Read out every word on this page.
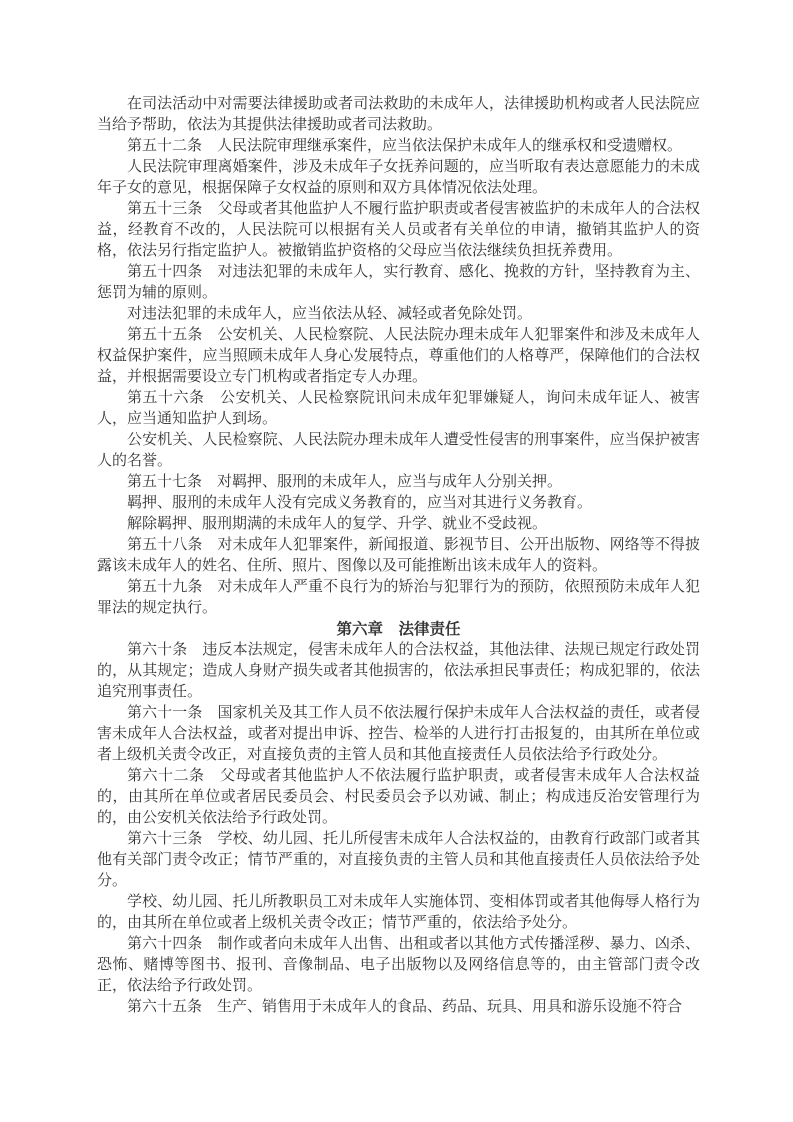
在司法活动中对需要法律援助或者司法救助的未成年人，法律援助机构或者人民法院应当给予帮助，依法为其提供法律援助或者司法救助。

第五十二条　人民法院审理继承案件，应当依法保护未成年人的继承权和受遗赠权。

人民法院审理离婚案件，涉及未成年子女抚养问题的，应当听取有表达意愿能力的未成年子女的意见，根据保障子女权益的原则和双方具体情况依法处理。

第五十三条　父母或者其他监护人不履行监护职责或者侵害被监护的未成年人的合法权益，经教育不改的，人民法院可以根据有关人员或者有关单位的申请，撤销其监护人的资格，依法另行指定监护人。被撤销监护资格的父母应当依法继续负担抚养费用。

第五十四条　对违法犯罪的未成年人，实行教育、感化、挽救的方针，坚持教育为主、惩罚为辅的原则。

对违法犯罪的未成年人，应当依法从轻、减轻或者免除处罚。

第五十五条　公安机关、人民检察院、人民法院办理未成年人犯罪案件和涉及未成年人权益保护案件，应当照顾未成年人身心发展特点，尊重他们的人格尊严，保障他们的合法权益，并根据需要设立专门机构或者指定专人办理。

第五十六条　公安机关、人民检察院讯问未成年犯罪嫌疑人，询问未成年证人、被害人，应当通知监护人到场。

公安机关、人民检察院、人民法院办理未成年人遭受性侵害的刑事案件，应当保护被害人的名誉。

第五十七条　对羁押、服刑的未成年人，应当与成年人分别关押。

羁押、服刑的未成年人没有完成义务教育的，应当对其进行义务教育。

解除羁押、服刑期满的未成年人的复学、升学、就业不受歧视。

第五十八条　对未成年人犯罪案件，新闻报道、影视节目、公开出版物、网络等不得披露该未成年人的姓名、住所、照片、图像以及可能推断出该未成年人的资料。

第五十九条　对未成年人严重不良行为的矫治与犯罪行为的预防，依照预防未成年人犯罪法的规定执行。

第六章　法律责任

第六十条　违反本法规定，侵害未成年人的合法权益，其他法律、法规已规定行政处罚的，从其规定；造成人身财产损失或者其他损害的，依法承担民事责任；构成犯罪的，依法追究刑事责任。

第六十一条　国家机关及其工作人员不依法履行保护未成年人合法权益的责任，或者侵害未成年人合法权益，或者对提出申诉、控告、检举的人进行打击报复的，由其所在单位或者上级机关责令改正，对直接负责的主管人员和其他直接责任人员依法给予行政处分。

第六十二条　父母或者其他监护人不依法履行监护职责，或者侵害未成年人合法权益的，由其所在单位或者居民委员会、村民委员会予以劝诫、制止；构成违反治安管理行为的，由公安机关依法给予行政处罚。

第六十三条　学校、幼儿园、托儿所侵害未成年人合法权益的，由教育行政部门或者其他有关部门责令改正；情节严重的，对直接负责的主管人员和其他直接责任人员依法给予处分。

学校、幼儿园、托儿所教职员工对未成年人实施体罚、变相体罚或者其他侮辱人格行为的，由其所在单位或者上级机关责令改正；情节严重的，依法给予处分。

第六十四条　制作或者向未成年人出售、出租或者以其他方式传播淫秽、暴力、凶杀、恐怖、赌博等图书、报刊、音像制品、电子出版物以及网络信息等的，由主管部门责令改正，依法给予行政处罚。

第六十五条　生产、销售用于未成年人的食品、药品、玩具、用具和游乐设施不符合
